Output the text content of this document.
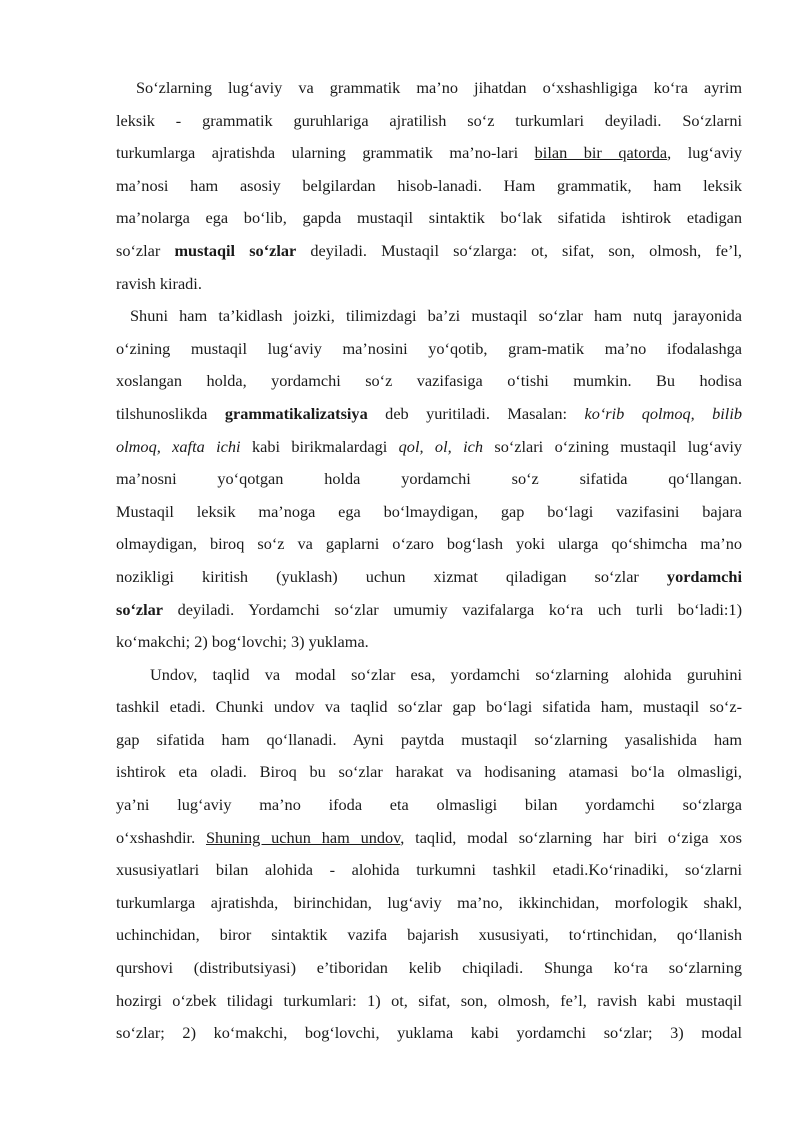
So‘zlarning lug‘aviy va grammatik ma’no jihatdan o‘xshashligiga ko‘ra ayrim
leksik - grammatik guruhlariga ajratilish so‘z turkumlari deyiladi. So‘zlarni
turkumlarga ajratishda ularning grammatik ma’no-lari bilan bir qatorda, lug‘aviy
ma’nosi ham asosiy belgilardan hisob-lanadi. Ham grammatik, ham leksik
ma’nolarga ega bo‘lib, gapda mustaqil sintaktik bo‘lak sifatida ishtirok etadigan
so‘zlar mustaqil so‘zlar deyiladi. Mustaqil so‘zlarga: ot, sifat, son, olmosh, fe’l,
ravish kiradi.
Shuni ham ta’kidlash joizki, tilimizdagi ba’zi mustaqil so‘zlar ham nutq jarayonida
o‘zining mustaqil lug‘aviy ma’nosini yo‘qotib, gram-matik ma’no ifodalashga
xoslangan holda, yordamchi so‘z vazifasiga o‘tishi mumkin. Bu hodisa
tilshunoslikda grammatikalizatsiya deb yuritiladi. Masalan: ko‘rib qolmoq, bilib
olmoq, xafta ichi kabi birikmalardagi qol, ol, ich so‘zlari o‘zining mustaqil lug‘aviy
ma’nosni yo‘qotgan holda yordamchi so‘z sifatida qo‘llangan.
Mustaqil leksik ma’noga ega bo‘lmaydigan, gap bo‘lagi vazifasini bajara
olmaydigan, biroq so‘z va gaplarni o‘zaro bog‘lash yoki ularga qo‘shimcha ma’no
nozikligi kiritish (yuklash) uchun xizmat qiladigan so‘zlar yordamchi
so‘zlar deyiladi. Yordamchi so‘zlar umumiy vazifalarga ko‘ra uch turli bo‘ladi:1)
ko‘makchi; 2) bog‘lovchi; 3) yuklama.
Undov, taqlid va modal so‘zlar esa, yordamchi so‘zlarning alohida guruhini
tashkil etadi. Chunki undov va taqlid so‘zlar gap bo‘lagi sifatida ham, mustaqil so‘z-
gap sifatida ham qo‘llanadi. Ayni paytda mustaqil so‘zlarning yasalishida ham
ishtirok eta oladi. Biroq bu so‘zlar harakat va hodisaning atamasi bo‘la olmasligi,
ya’ni lug‘aviy ma’no ifoda eta olmasligi bilan yordamchi so‘zlarga
o‘xshashdir. Shuning uchun ham undov, taqlid, modal so‘zlarning har biri o‘ziga xos
xususiyatlari bilan alohida - alohida turkumni tashkil etadi.Ko‘rinadiki, so‘zlarni
turkumlarga ajratishda, birinchidan, lug‘aviy ma’no, ikkinchidan, morfologik shakl,
uchinchidan, biror sintaktik vazifa bajarish xususiyati, to‘rtinchidan, qo‘llanish
qurshovi (distributsiyasi) e’tiboridan kelib chiqiladi. Shunga ko‘ra so‘zlarning
hozirgi o‘zbek tilidagi turkumlari: 1) ot, sifat, son, olmosh, fe’l, ravish kabi mustaqil
so‘zlar; 2) ko‘makchi, bog‘lovchi, yuklama kabi yordamchi so‘zlar; 3) modal
